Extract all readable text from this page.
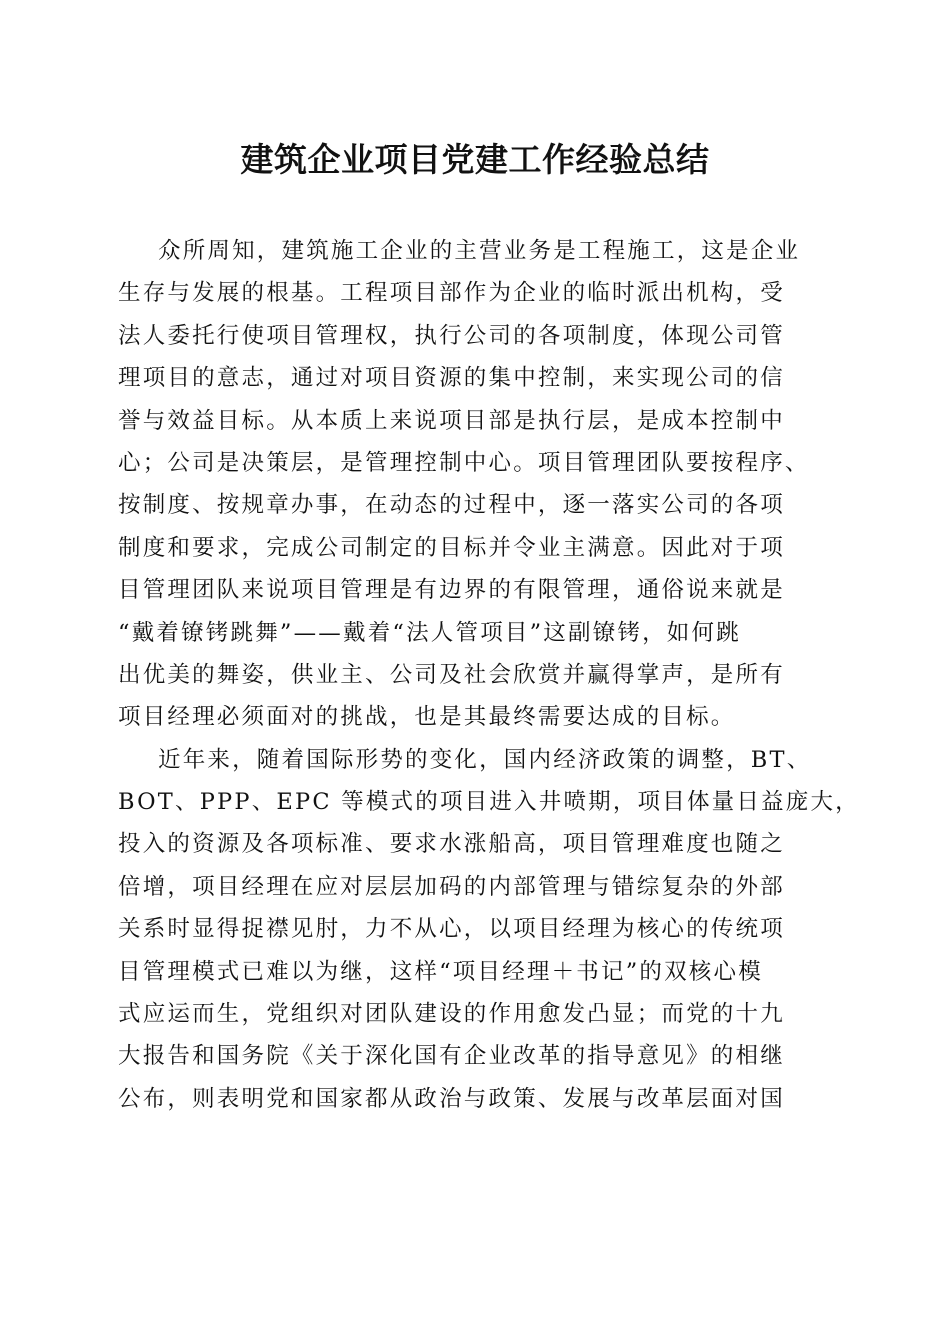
建筑企业项目党建工作经验总结
众所周知，建筑施工企业的主营业务是工程施工，这是企业
生存与发展的根基。工程项目部作为企业的临时派出机构，受
法人委托行使项目管理权，执行公司的各项制度，体现公司管
理项目的意志，通过对项目资源的集中控制，来实现公司的信
誉与效益目标。从本质上来说项目部是执行层，是成本控制中
心；公司是决策层，是管理控制中心。项目管理团队要按程序、
按制度、按规章办事，在动态的过程中，逐一落实公司的各项
制度和要求，完成公司制定的目标并令业主满意。因此对于项
目管理团队来说项目管理是有边界的有限管理，通俗说来就是
“戴着镣铐跳舞”——戴着“法人管项目”这副镣铐，如何跳
出优美的舞姿，供业主、公司及社会欣赏并赢得掌声，是所有
项目经理必须面对的挑战，也是其最终需要达成的目标。
近年来，随着国际形势的变化，国内经济政策的调整，BT、
BOT、PPP、EPC 等模式的项目进入井喷期，项目体量日益庞大，
投入的资源及各项标准、要求水涨船高，项目管理难度也随之
倍增，项目经理在应对层层加码的内部管理与错综复杂的外部
关系时显得捉襟见肘，力不从心，以项目经理为核心的传统项
目管理模式已难以为继，这样“项目经理＋书记”的双核心模
式应运而生，党组织对团队建设的作用愈发凸显；而党的十九
大报告和国务院《关于深化国有企业改革的指导意见》的相继
公布，则表明党和国家都从政治与政策、发展与改革层面对国
